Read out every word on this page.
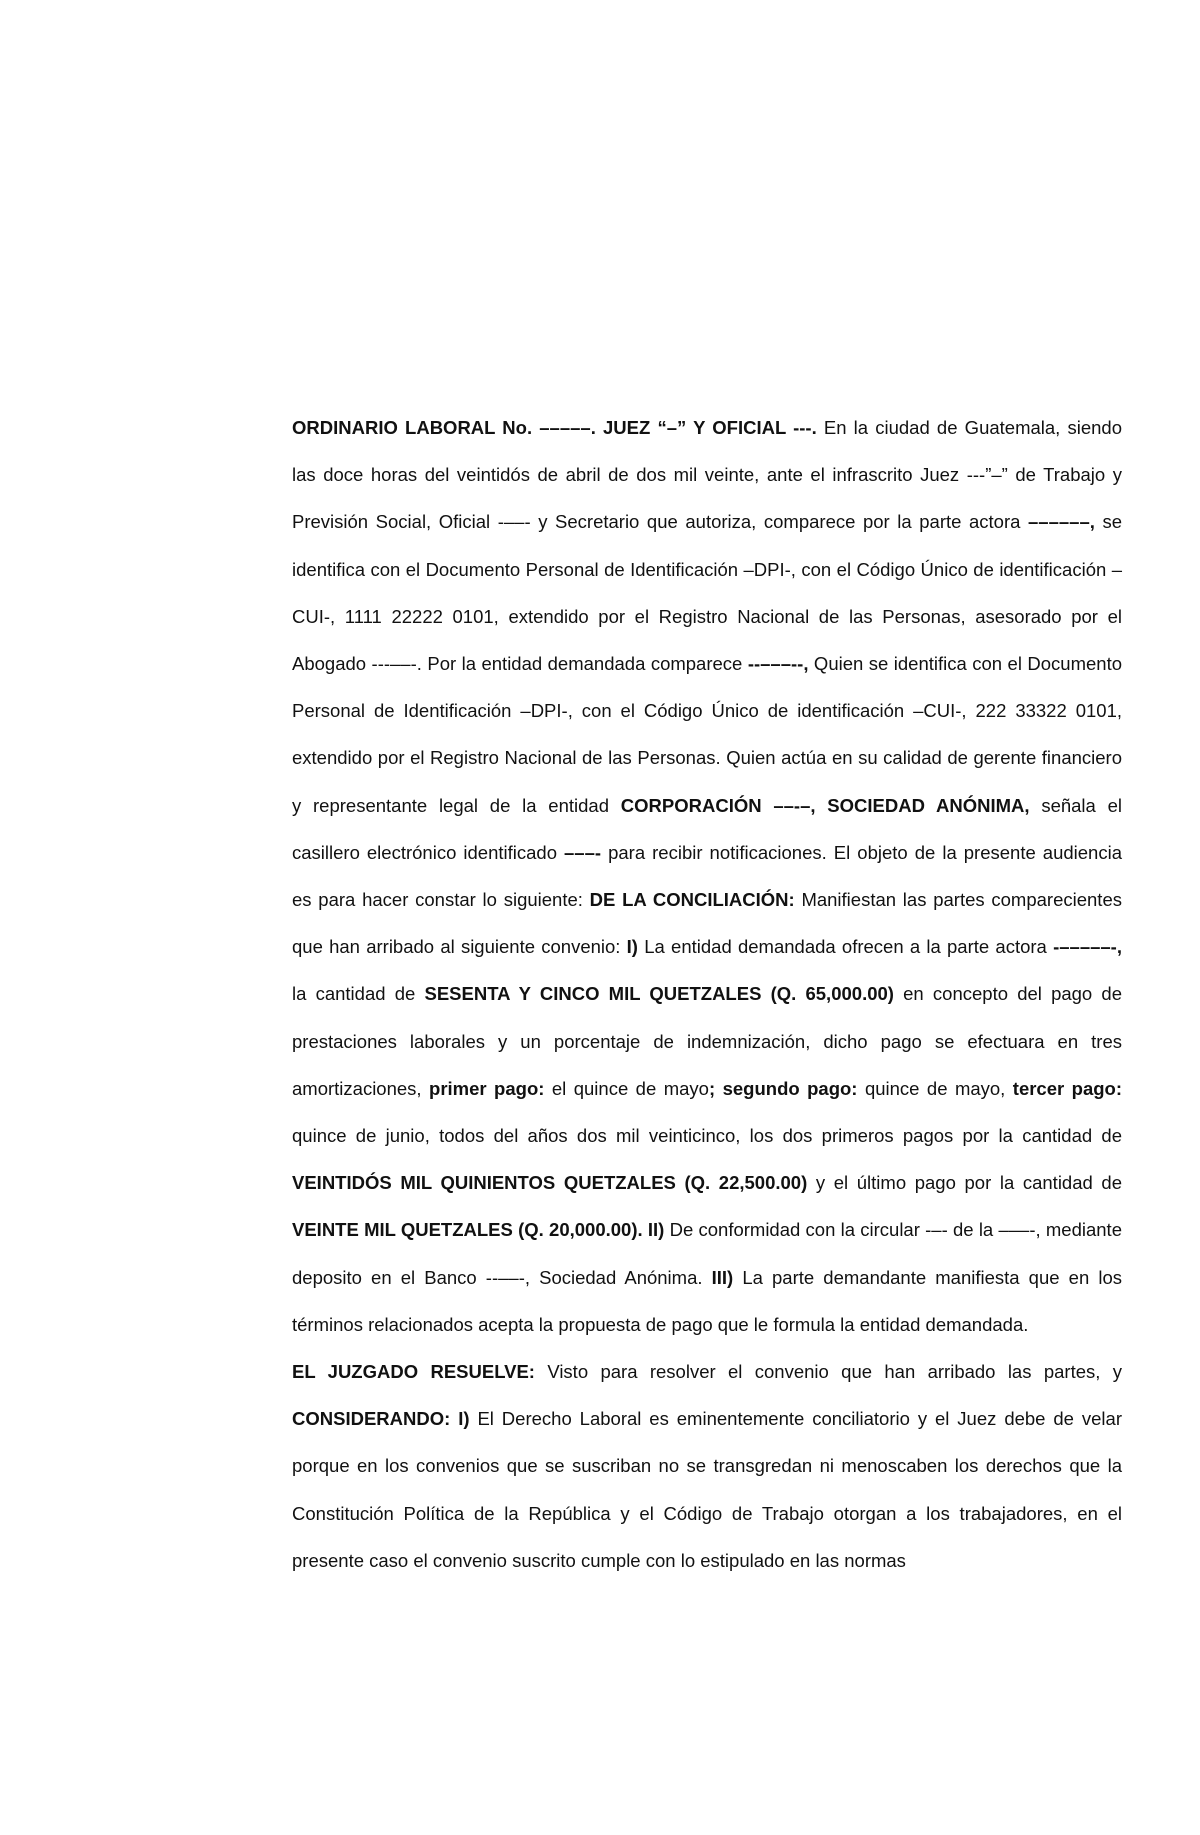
ORDINARIO LABORAL No. –––––. JUEZ “–” Y OFICIAL ---. En la ciudad de Guatemala, siendo las doce horas del veintidós de abril de dos mil veinte, ante el infrascrito Juez ---”–” de Trabajo y Previsión Social, Oficial -––- y Secretario que autoriza, comparece por la parte actora ––––––, se identifica con el Documento Personal de Identificación –DPI-, con el Código Único de identificación –CUI-, 1111 22222 0101, extendido por el Registro Nacional de las Personas, asesorado por el Abogado ---––-. Por la entidad demandada comparece --–––--, Quien se identifica con el Documento Personal de Identificación –DPI-, con el Código Único de identificación –CUI-, 222 33322 0101, extendido por el Registro Nacional de las Personas. Quien actúa en su calidad de gerente financiero y representante legal de la entidad CORPORACIÓN ––-–, SOCIEDAD ANÓNIMA, señala el casillero electrónico identificado –––- para recibir notificaciones. El objeto de la presente audiencia es para hacer constar lo siguiente: DE LA CONCILIACIÓN: Manifiestan las partes comparecientes que han arribado al siguiente convenio: I) La entidad demandada ofrecen a la parte actora -–––––-, la cantidad de SESENTA Y CINCO MIL QUETZALES (Q. 65,000.00) en concepto del pago de prestaciones laborales y un porcentaje de indemnización, dicho pago se efectuara en tres amortizaciones, primer pago: el quince de mayo; segundo pago: quince de mayo, tercer pago: quince de junio, todos del años dos mil veinticinco, los dos primeros pagos por la cantidad de VEINTIDÓS MIL QUINIENTOS QUETZALES (Q. 22,500.00) y el último pago por la cantidad de VEINTE MIL QUETZALES (Q. 20,000.00). II) De conformidad con la circular -–- de la –––-, mediante deposito en el Banco --––-, Sociedad Anónima. III) La parte demandante manifiesta que en los términos relacionados acepta la propuesta de pago que le formula la entidad demandada.

EL JUZGADO RESUELVE: Visto para resolver el convenio que han arribado las partes, y CONSIDERANDO: I) El Derecho Laboral es eminentemente conciliatorio y el Juez debe de velar porque en los convenios que se suscriban no se transgredan ni menoscaben los derechos que la Constitución Política de la República y el Código de Trabajo otorgan a los trabajadores, en el presente caso el convenio suscrito cumple con lo estipulado en las normas
